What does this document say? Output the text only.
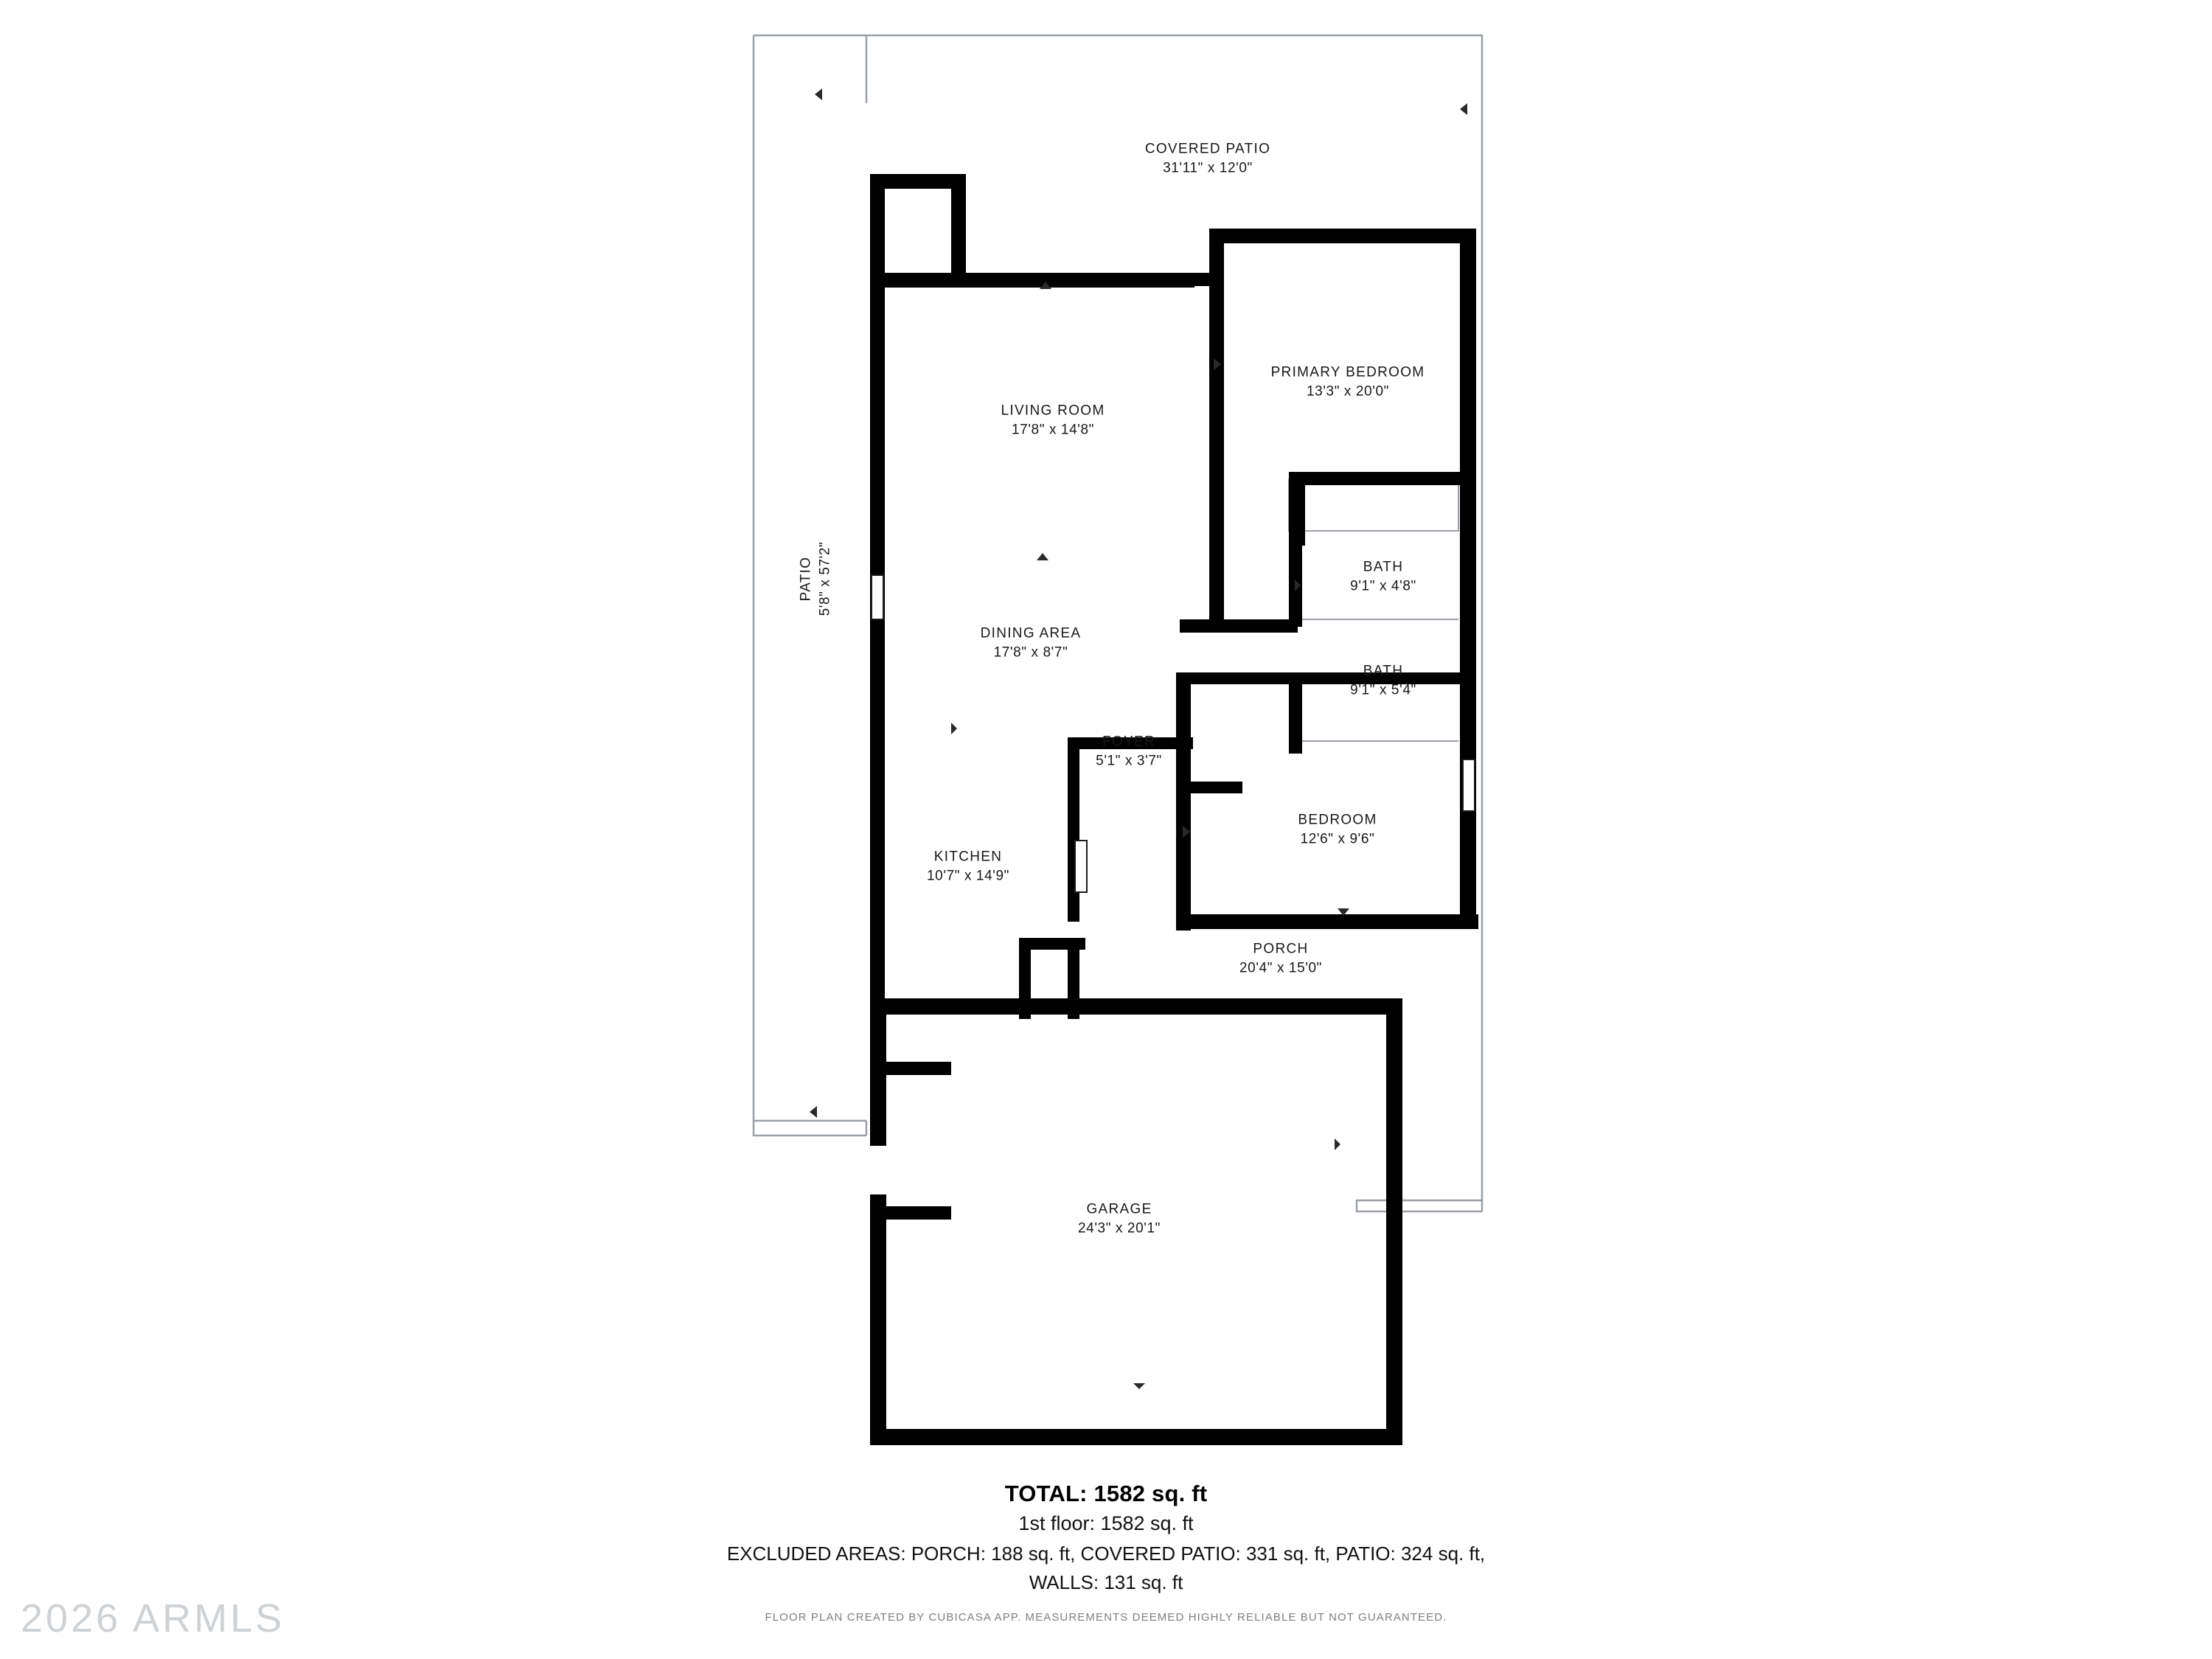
COVERED PATIO
31'11" x 12'0"
PRIMARY BEDROOM
13'3" x 20'0"
LIVING ROOM
17'8" x 14'8"
PATIO 5'8" x 57'2"	BATH
9'1" x 4'8"
DINING AREA
17'8" x 8'7"
BATH
9'1" x 5'4"
FOYER
5'1" x 3'7"
BEDROOM
12'6" x 9'6"
KITCHEN
10'7" x 14'9"
PORCH
20'4" x 15'0"
GARAGE
24'3" x 20'1"
TOTAL: 1582 sq. ft
1st floor: 1582 sq. ft
EXCLUDED AREAS: PORCH: 188 sq. ft, COVERED PATIO: 331 sq. ft, PATIO: 324 sq. ft,
WALLS: 131 sq. ft
FLOOR PLAN CREATED BY CUBICASA APP. MEASUREMENTS DEEMED HIGHLY RELIABLE BUT NOT GUARANTEED.
2026 ARMLS
